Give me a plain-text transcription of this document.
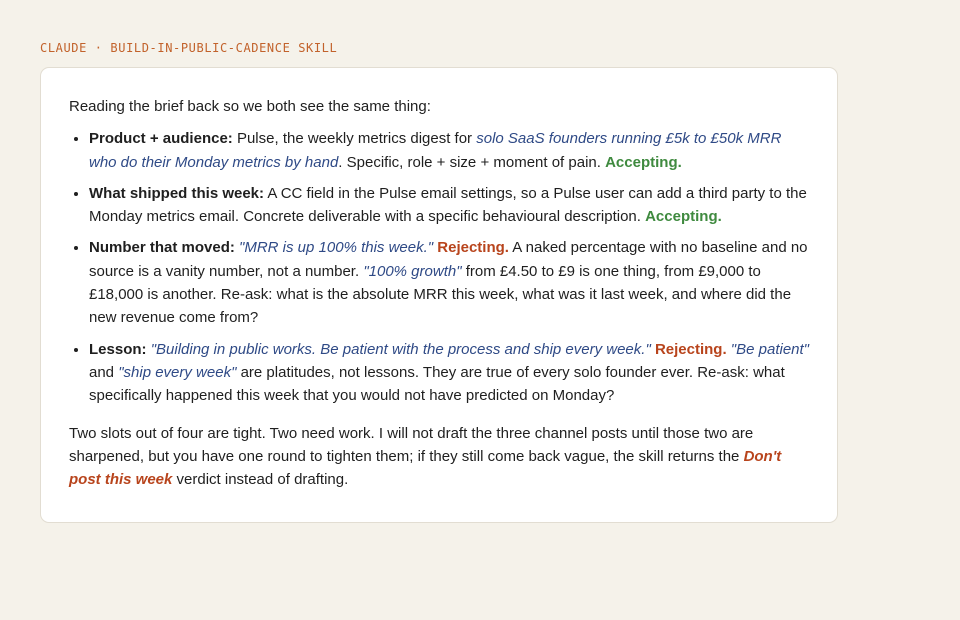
CLAUDE · BUILD-IN-PUBLIC-CADENCE SKILL

Reading the brief back so we both see the same thing:

• Product + audience: Pulse, the weekly metrics digest for solo SaaS founders running £5k to £50k MRR who do their Monday metrics by hand. Specific, role + size + moment of pain. Accepting.
• What shipped this week: A CC field in the Pulse email settings, so a Pulse user can add a third party to the Monday metrics email. Concrete deliverable with a specific behavioural description. Accepting.
• Number that moved: "MRR is up 100% this week." Rejecting. A naked percentage with no baseline and no source is a vanity number, not a number. "100% growth" from £4.50 to £9 is one thing, from £9,000 to £18,000 is another. Re-ask: what is the absolute MRR this week, what was it last week, and where did the new revenue come from?
• Lesson: "Building in public works. Be patient with the process and ship every week." Rejecting. "Be patient" and "ship every week" are platitudes, not lessons. They are true of every solo founder ever. Re-ask: what specifically happened this week that you would not have predicted on Monday?

Two slots out of four are tight. Two need work. I will not draft the three channel posts until those two are sharpened, but you have one round to tighten them; if they still come back vague, the skill returns the Don't post this week verdict instead of drafting.
